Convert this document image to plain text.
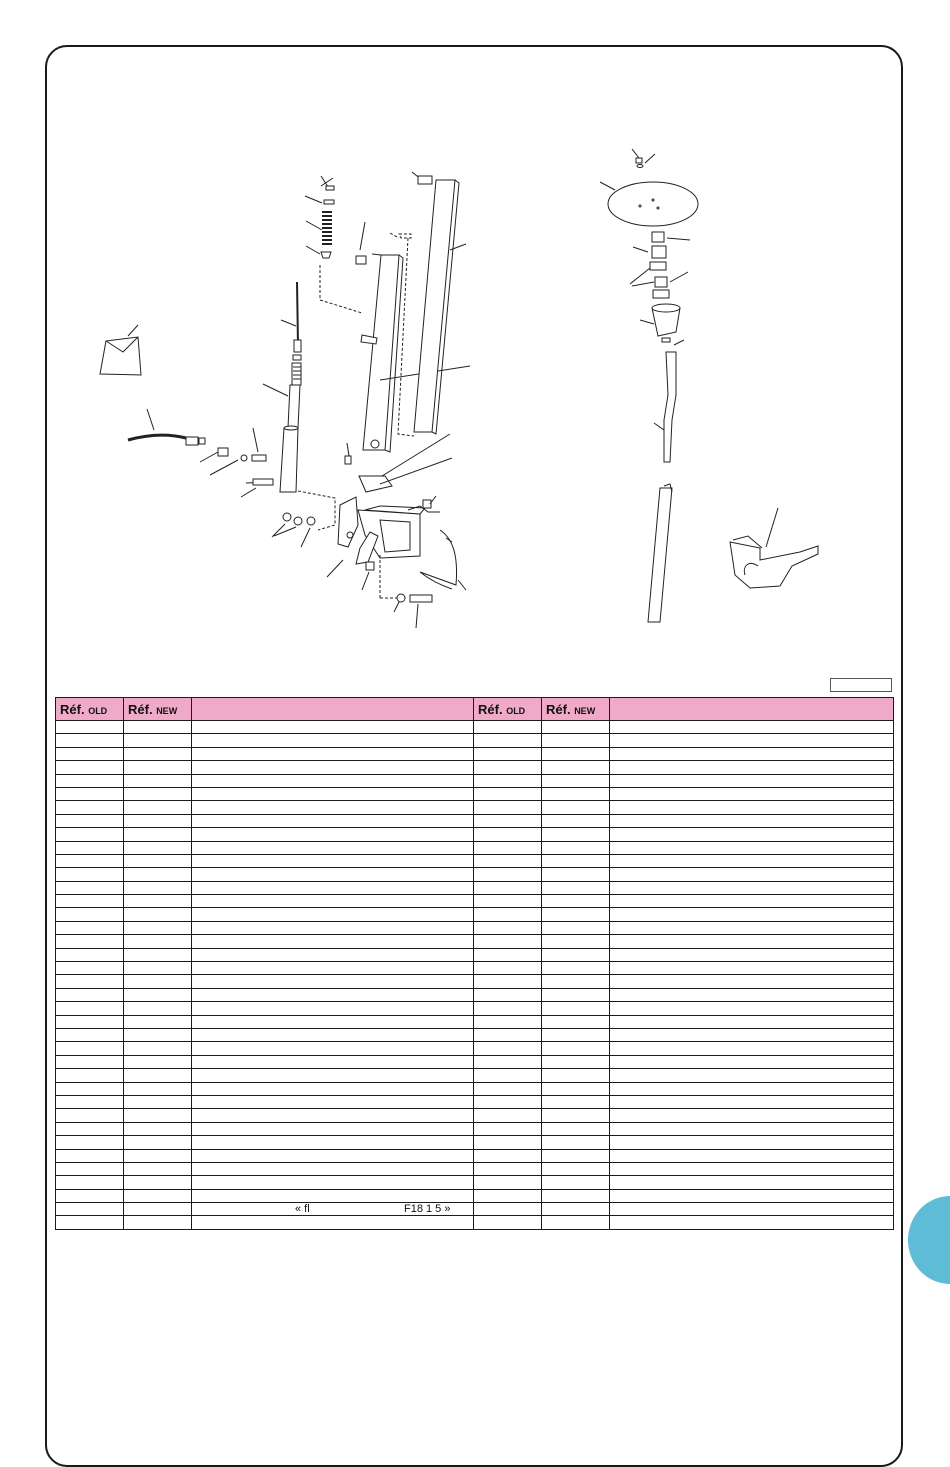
Réf. OLD	Réf. NEW		Réf. OLD	Réf. NEW	

		« fl F18 1 5 »			
